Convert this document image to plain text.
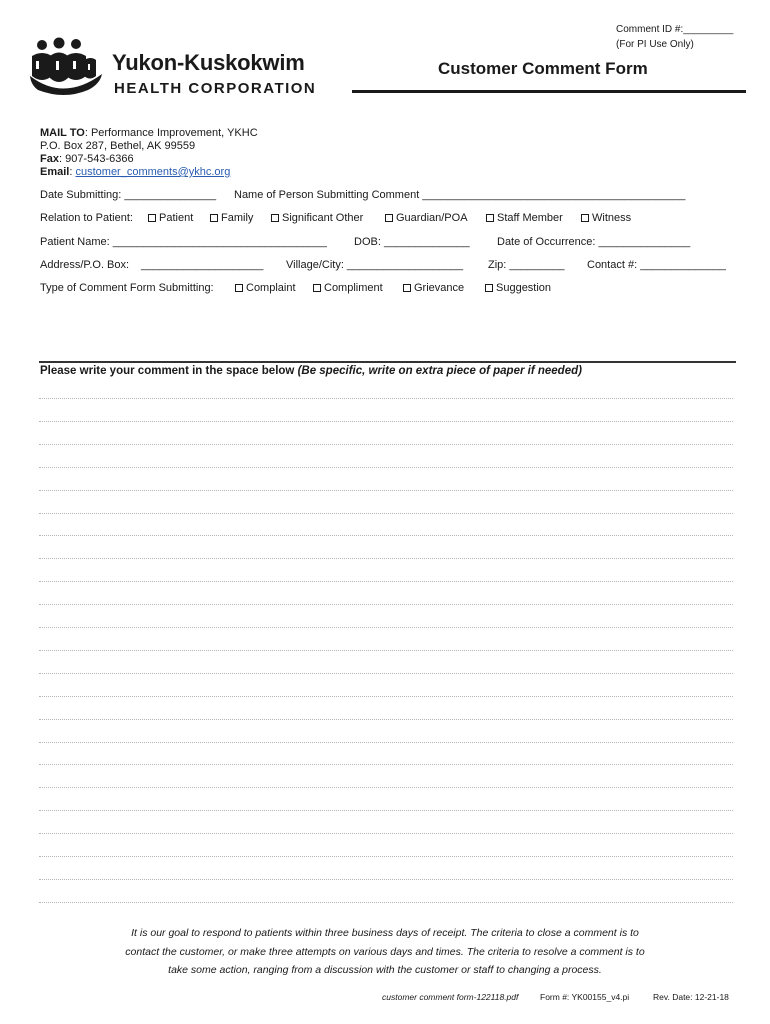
Yukon-Kuskokwim
HEALTH CORPORATION
Comment ID #:_________
(For PI Use Only)
Customer Comment Form
MAIL TO: Performance Improvement, YKHC
P.O. Box 287, Bethel, AK 99559
Fax: 907-543-6366
Email: customer_comments@ykhc.org
Date Submitting: _______________ Name of Person Submitting Comment ___________________________________________
Relation to Patient:	Patient	Family	Significant Other	Guardian/POA	Staff Member	Witness
Patient Name: ___________________________________ DOB: ______________ Date of Occurrence: _______________
Address/P.O. Box: ____________________ Village/City: ___________________ Zip: _________ Contact #: ______________
Type of Comment Form Submitting:	Complaint	Compliment	Grievance	Suggestion
Please write your comment in the space below (Be specific, write on extra piece of paper if needed)
It is our goal to respond to patients within three business days of receipt. The criteria to close a comment is to
contact the customer, or make three attempts on various days and times. The criteria to resolve a comment is to
take some action, ranging from a discussion with the customer or staff to changing a process.
customer comment form-122118.pdf	Form #: YK00155_v4.pi	Rev. Date: 12-21-18
